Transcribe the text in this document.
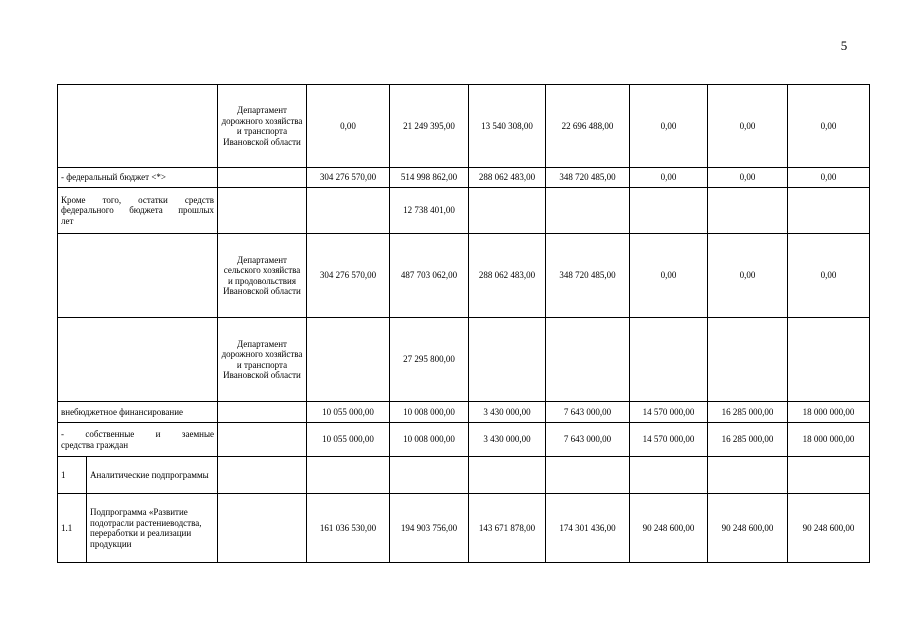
5
		Департамент дорожного хозяйства и транспорта Ивановской области	0,00	21 249 395,00	13 540 308,00	22 696 488,00	0,00	0,00	0,00
- федеральный бюджет <*>			304 276 570,00	514 998 862,00	288 062 483,00	348 720 485,00	0,00	0,00	0,00
Кроме того, остатки средств федерального бюджета прошлых
лет				12 738 401,00					
		Департамент сельского хозяйства и продовольствия Ивановской области	304 276 570,00	487 703 062,00	288 062 483,00	348 720 485,00	0,00	0,00	0,00
		Департамент дорожного хозяйства и транспорта Ивановской области		27 295 800,00					
внебюджетное финансирование			10 055 000,00	10 008 000,00	3 430 000,00	7 643 000,00	14 570 000,00	16 285 000,00	18 000 000,00
- собственные и заемные
средства граждан			10 055 000,00	10 008 000,00	3 430 000,00	7 643 000,00	14 570 000,00	16 285 000,00	18 000 000,00
1	Аналитические подпрограммы								
1.1	Подпрограмма «Развитие подотрасли растениеводства, переработки и реализации продукции		161 036 530,00	194 903 756,00	143 671 878,00	174 301 436,00	90 248 600,00	90 248 600,00	90 248 600,00
